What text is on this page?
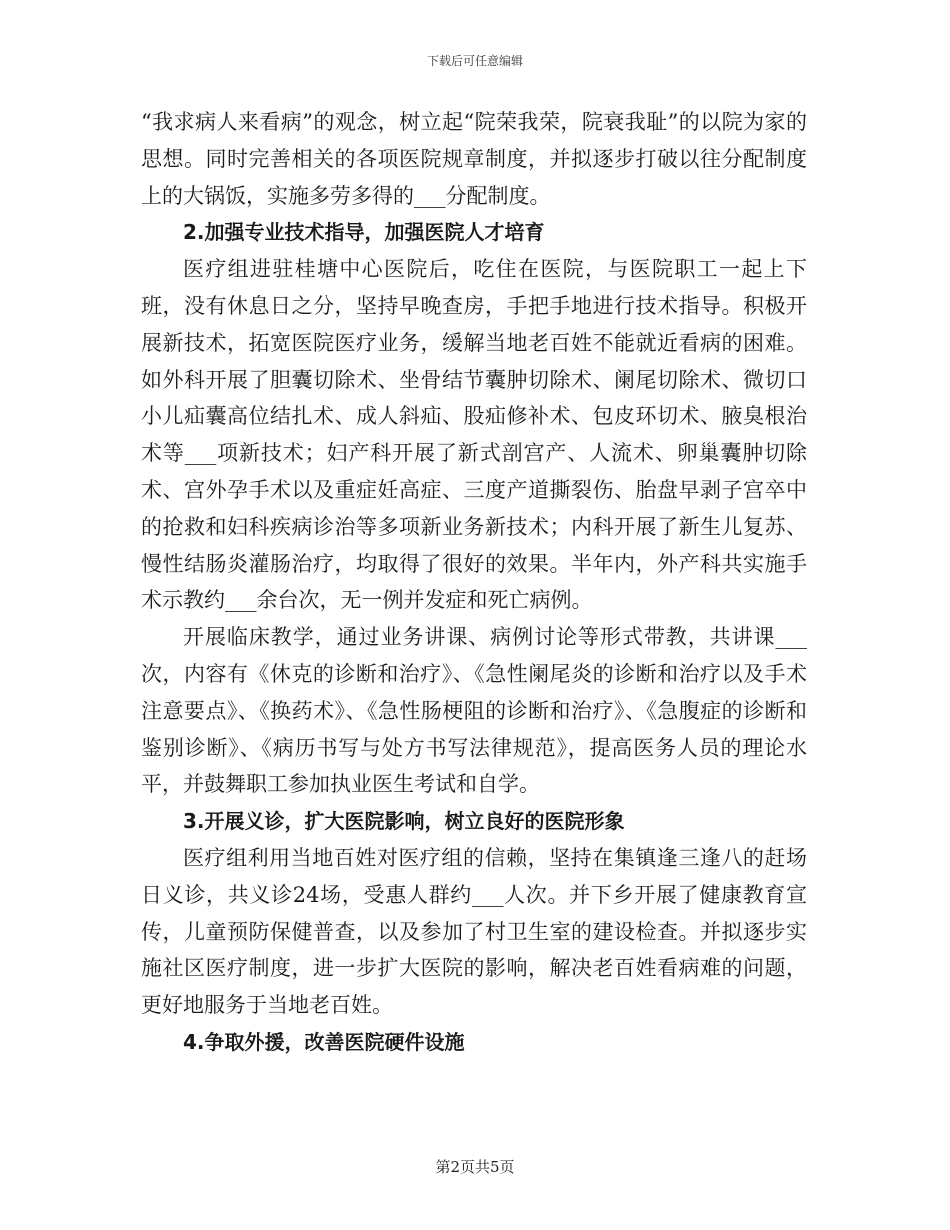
下载后可任意编辑

“我求病人来看病”的观念，树立起“院荣我荣，院衰我耻”的以院为家的思想。同时完善相关的各项医院规章制度，并拟逐步打破以往分配制度上的大锅饭，实施多劳多得的___分配制度。

2.加强专业技术指导，加强医院人才培育

医疗组进驻桂塘中心医院后，吃住在医院，与医院职工一起上下班，没有休息日之分，坚持早晚查房，手把手地进行技术指导。积极开展新技术，拓宽医院医疗业务，缓解当地老百姓不能就近看病的困难。如外科开展了胆囊切除术、坐骨结节囊肿切除术、阑尾切除术、微切口小儿疝囊高位结扎术、成人斜疝、股疝修补术、包皮环切术、腋臭根治术等___项新技术；妇产科开展了新式剖宫产、人流术、卵巢囊肿切除术、宫外孕手术以及重症妊高症、三度产道撕裂伤、胎盘早剥子宫卒中的抢救和妇科疾病诊治等多项新业务新技术；内科开展了新生儿复苏、慢性结肠炎灌肠治疗，均取得了很好的效果。半年内，外产科共实施手术示教约___余台次，无一例并发症和死亡病例。

开展临床教学，通过业务讲课、病例讨论等形式带教，共讲课___次，内容有《休克的诊断和治疗》、《急性阑尾炎的诊断和治疗以及手术注意要点》、《换药术》、《急性肠梗阻的诊断和治疗》、《急腹症的诊断和鉴别诊断》、《病历书写与处方书写法律规范》，提高医务人员的理论水平，并鼓舞职工参加执业医生考试和自学。

3.开展义诊，扩大医院影响，树立良好的医院形象

医疗组利用当地百姓对医疗组的信赖，坚持在集镇逢三逢八的赶场日义诊，共义诊24场，受惠人群约___人次。并下乡开展了健康教育宣传，儿童预防保健普查，以及参加了村卫生室的建设检查。并拟逐步实施社区医疗制度，进一步扩大医院的影响，解决老百姓看病难的问题，更好地服务于当地老百姓。

4.争取外援，改善医院硬件设施

第2页共5页
